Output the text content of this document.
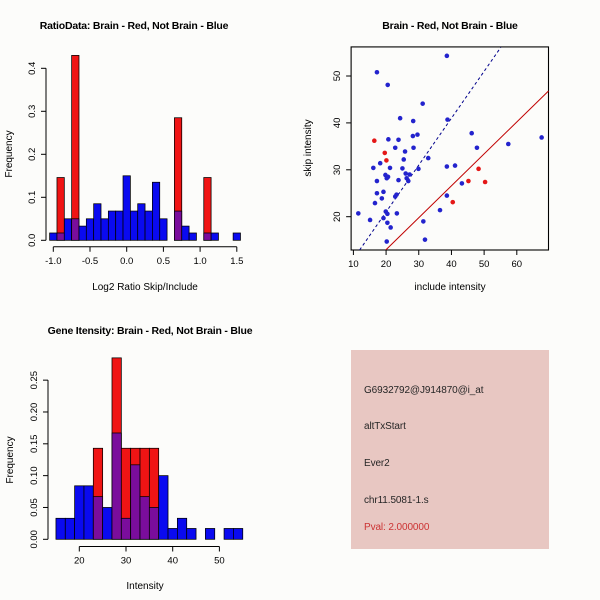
-1.0 -0.5 0.0 0.5 1.0 1.5
0.0
0.1
0.2
0.3
0.4
RatioData: Brain - Red, Not Brain - Blue
Log2 Ratio Skip/Include
Frequency
10 20 30 40 50 60
20
30
40
50
Brain - Red, Not Brain - Blue
include intensity
skip intensity
20	30	40	50
0.00
0.05
0.10
0.15
0.20
0.25
Gene Itensity: Brain - Red, Not Brain - Blue
Intensity
Frequency
G6932792@J914870@i_at
altTxStart
Ever2
chr11.5081-1.s
Pval: 2.000000
